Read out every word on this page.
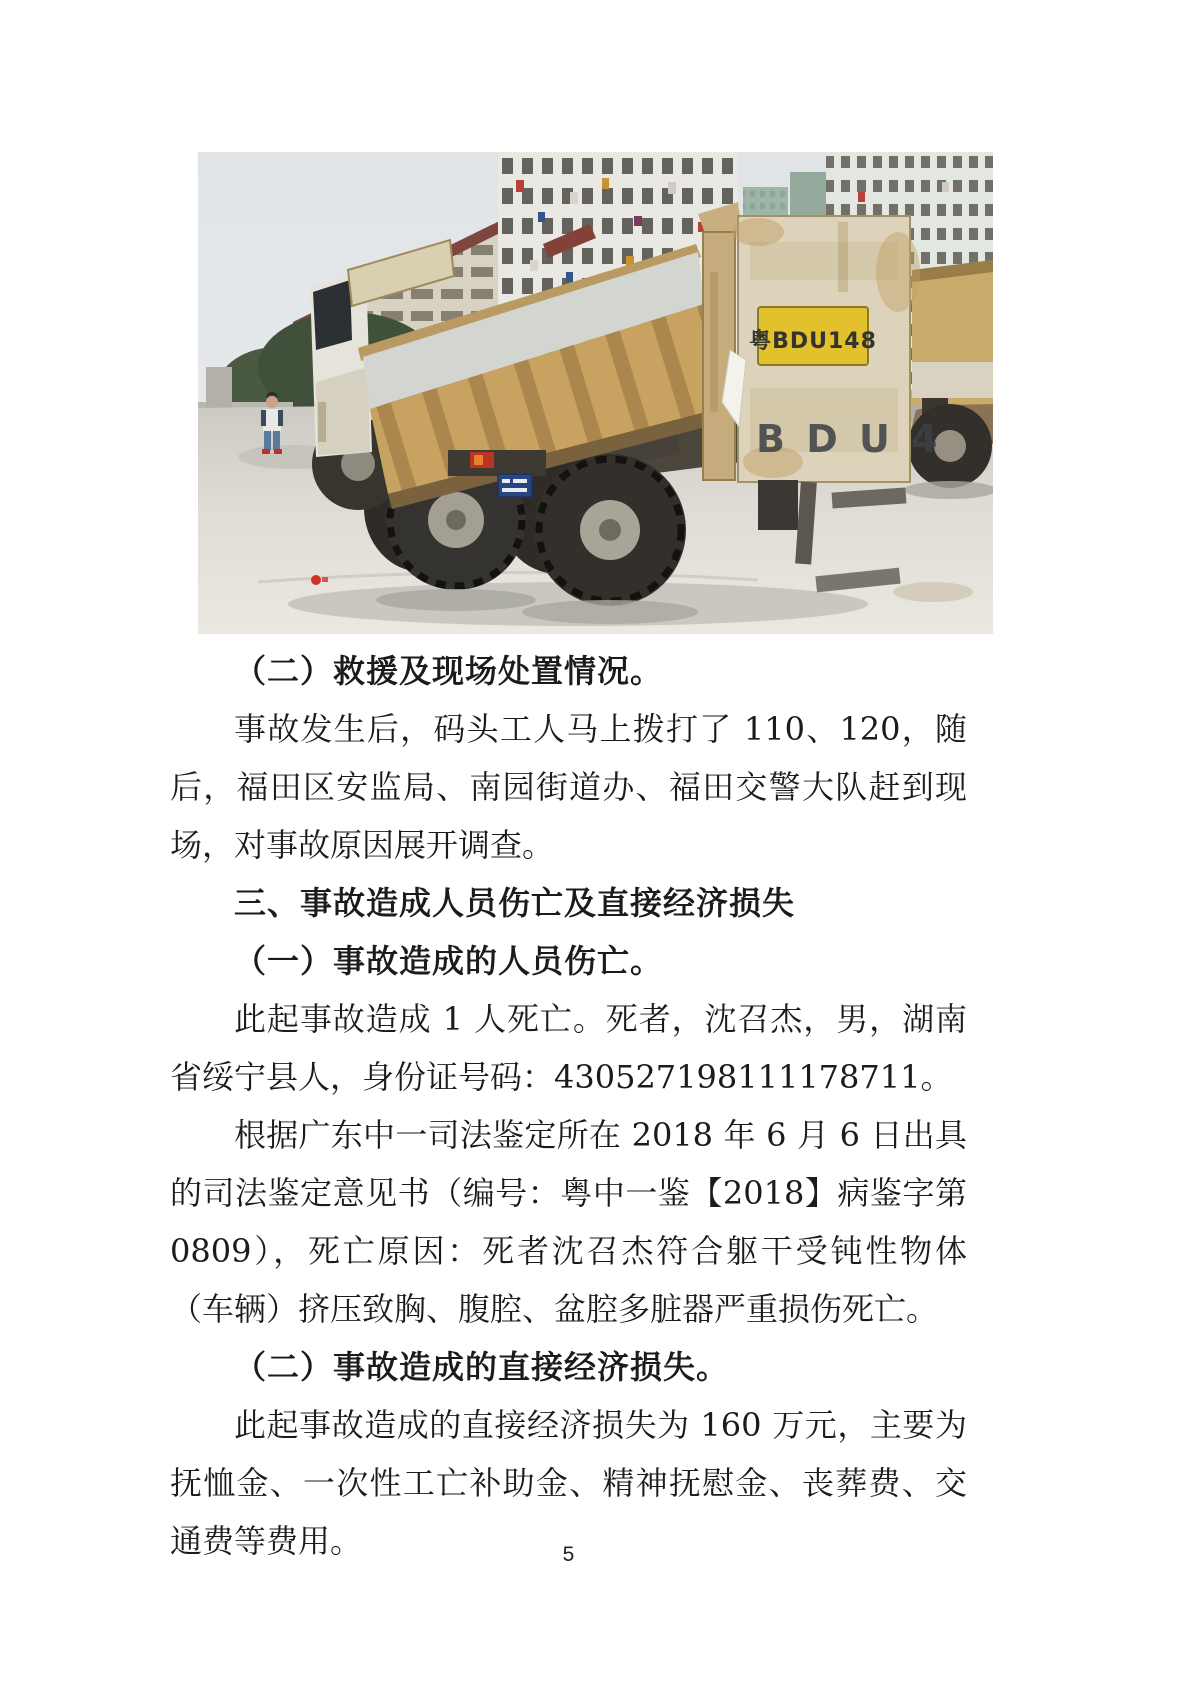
粤BDU148
B D U 4
（二）救援及现场处置情况。

事故发生后，码头工人马上拨打了 110、120，随后，福田区安监局、南园街道办、福田交警大队赶到现场，对事故原因展开调查。

三、事故造成人员伤亡及直接经济损失
（一）事故造成的人员伤亡。

此起事故造成 1 人死亡。死者，沈召杰，男，湖南省绥宁县人，身份证号码：430527198111178711。

根据广东中一司法鉴定所在 2018 年 6 月 6 日出具的司法鉴定意见书（编号：粤中一鉴【2018】病鉴字第 0809），死亡原因：死者沈召杰符合躯干受钝性物体（车辆）挤压致胸、腹腔、盆腔多脏器严重损伤死亡。

（二）事故造成的直接经济损失。

此起事故造成的直接经济损失为 160 万元，主要为抚恤金、一次性工亡补助金、精神抚慰金、丧葬费、交通费等费用。	5
